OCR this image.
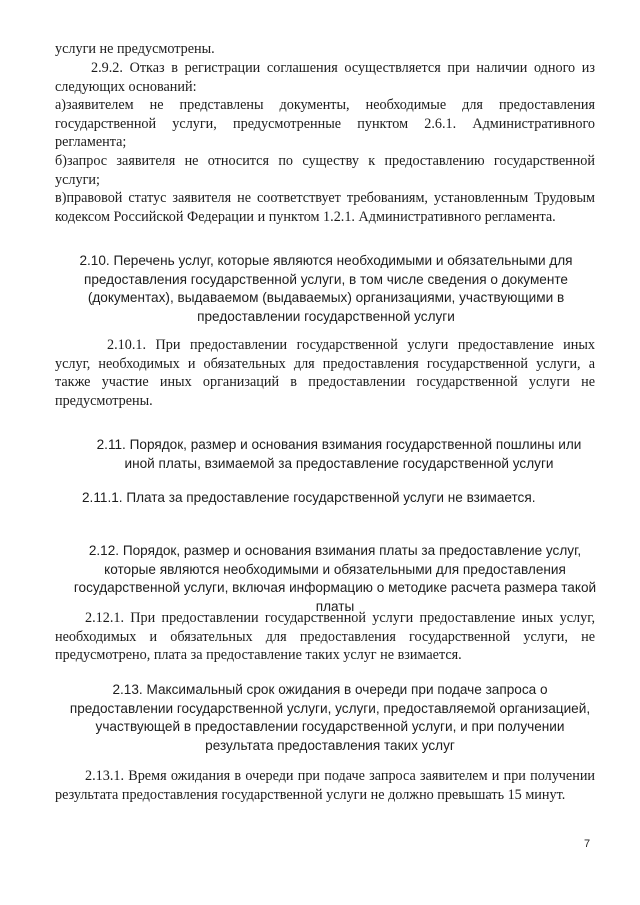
услуги не предусмотрены.

2.9.2. Отказ в регистрации соглашения осуществляется при наличии одного из следующих оснований:

а)заявителем не представлены документы, необходимые для предоставления государственной услуги, предусмотренные пунктом 2.6.1. Административного регламента;
б)запрос заявителя не относится по существу к предоставлению государственной услуги;
в)правовой статус заявителя не соответствует требованиям, установленным Трудовым кодексом Российской Федерации и пунктом 1.2.1. Административного регламента.

2.10. Перечень услуг, которые являются необходимыми и обязательными для предоставления государственной услуги, в том числе сведения о документе (документах), выдаваемом (выдаваемых) организациями, участвующими в предоставлении государственной услуги

2.10.1. При предоставлении государственной услуги предоставление иных услуг, необходимых и обязательных для предоставления государственной услуги, а также участие иных организаций в предоставлении государственной услуги не предусмотрены.

2.11. Порядок, размер и основания взимания государственной пошлины или иной платы, взимаемой за предоставление государственной услуги

2.11.1. Плата за предоставление государственной услуги не взимается.

2.12. Порядок, размер и основания взимания платы за предоставление услуг, которые являются необходимыми и обязательными для предоставления государственной услуги, включая информацию о методике расчета размера такой платы

2.12.1. При предоставлении государственной услуги предоставление иных услуг, необходимых и обязательных для предоставления государственной услуги, не предусмотрено, плата за предоставление таких услуг не взимается.

2.13. Максимальный срок ожидания в очереди при подаче запроса о предоставлении государственной услуги, услуги, предоставляемой организацией, участвующей в предоставлении государственной услуги, и при получении результата предоставления таких услуг

2.13.1. Время ожидания в очереди при подаче запроса заявителем и при получении результата предоставления государственной услуги не должно превышать 15 минут.

7
